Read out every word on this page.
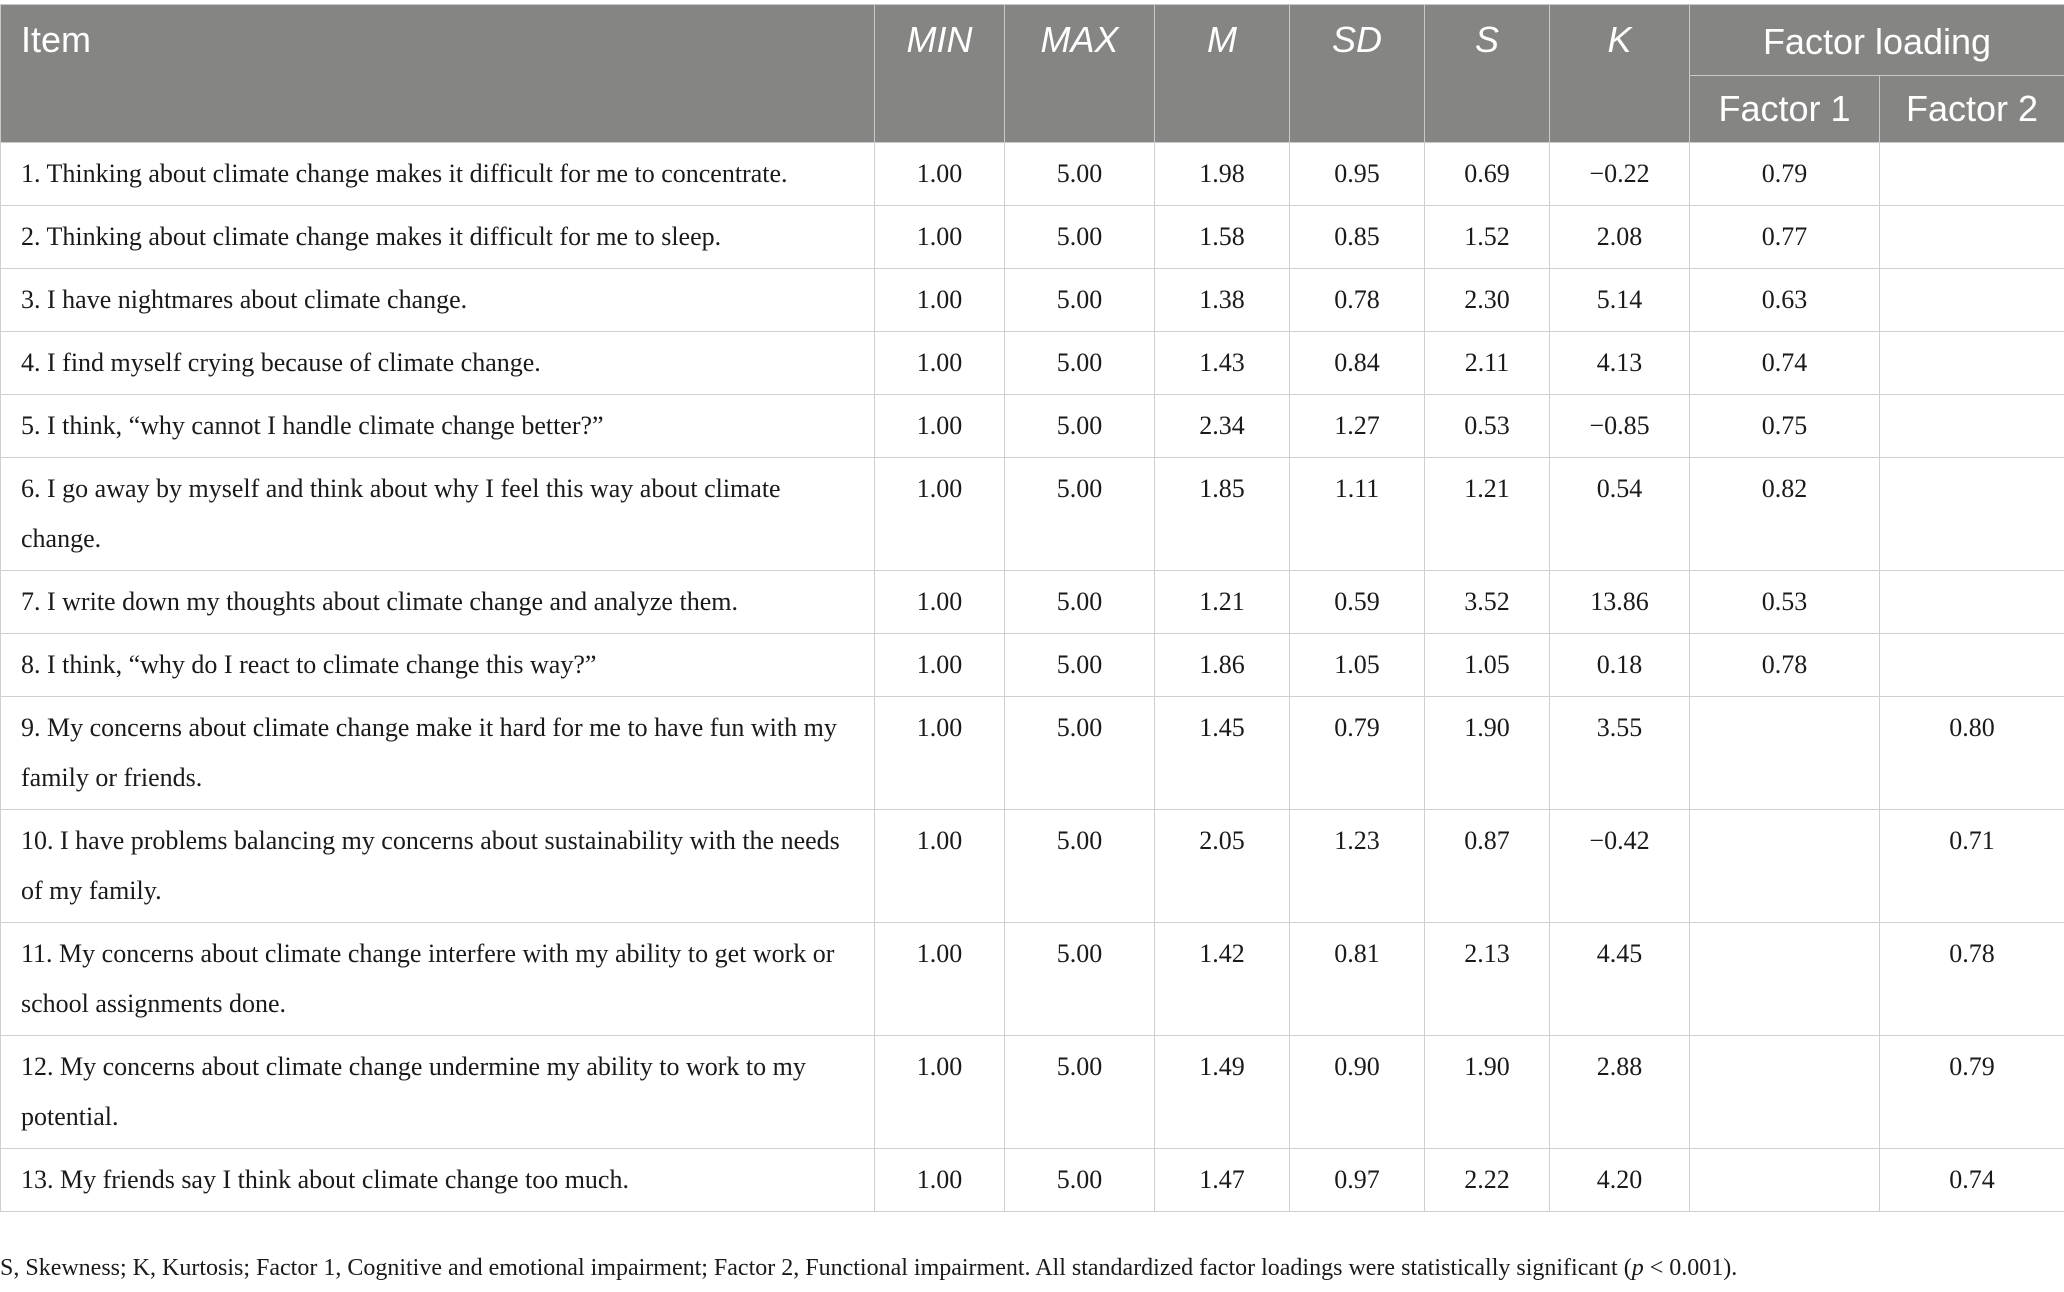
Item	MIN	MAX	M	SD	S	K	Factor loading	
							Factor 1	Factor 2
1. Thinking about climate change makes it difficult for me to concentrate.	1.00	5.00	1.98	0.95	0.69	−0.22	0.79	
2. Thinking about climate change makes it difficult for me to sleep.	1.00	5.00	1.58	0.85	1.52	2.08	0.77	
3. I have nightmares about climate change.	1.00	5.00	1.38	0.78	2.30	5.14	0.63	
4. I find myself crying because of climate change.	1.00	5.00	1.43	0.84	2.11	4.13	0.74	
5. I think, “why cannot I handle climate change better?”	1.00	5.00	2.34	1.27	0.53	−0.85	0.75	
6. I go away by myself and think about why I feel this way about climate change.	1.00	5.00	1.85	1.11	1.21	0.54	0.82	
7. I write down my thoughts about climate change and analyze them.	1.00	5.00	1.21	0.59	3.52	13.86	0.53	
8. I think, “why do I react to climate change this way?”	1.00	5.00	1.86	1.05	1.05	0.18	0.78	
9. My concerns about climate change make it hard for me to have fun with my family or friends.	1.00	5.00	1.45	0.79	1.90	3.55		0.80
10. I have problems balancing my concerns about sustainability with the needs of my family.	1.00	5.00	2.05	1.23	0.87	−0.42		0.71
11. My concerns about climate change interfere with my ability to get work or school assignments done.	1.00	5.00	1.42	0.81	2.13	4.45		0.78
12. My concerns about climate change undermine my ability to work to my potential.	1.00	5.00	1.49	0.90	1.90	2.88		0.79
13. My friends say I think about climate change too much.	1.00	5.00	1.47	0.97	2.22	4.20		0.74
S, Skewness; K, Kurtosis; Factor 1, Cognitive and emotional impairment; Factor 2, Functional impairment. All standardized factor loadings were statistically significant (p < 0.001).
